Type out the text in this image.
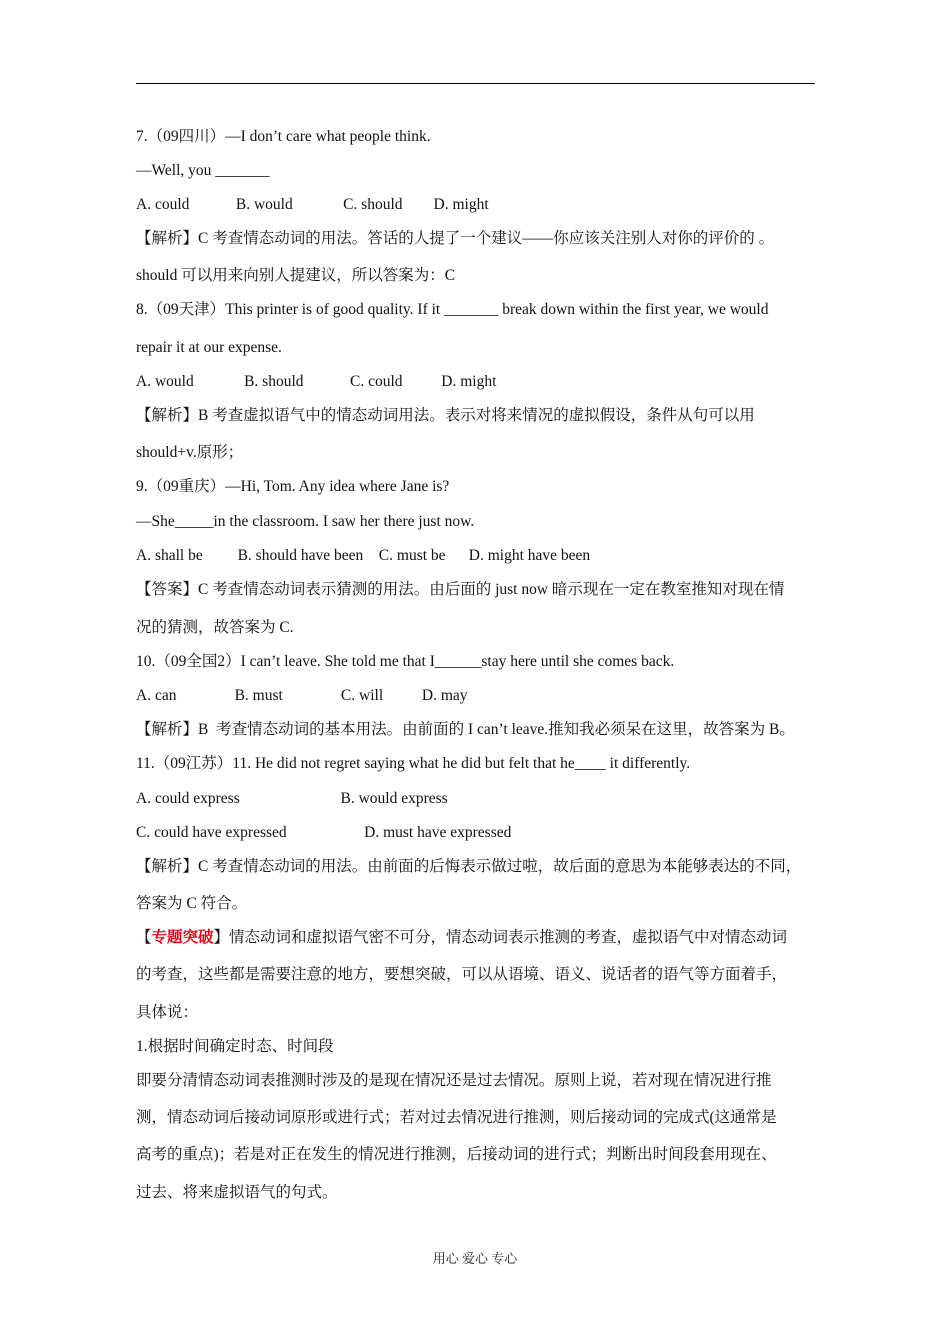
7.（09四川）—I don’t care what people think.

—Well, you _______

A. could            B. would             C. should        D. might

【解析】C 考查情态动词的用法。答话的人提了一个建议——你应该关注别人对你的评价的 。

should 可以用来向别人提建议，所以答案为：C

8.（09天津）This printer is of good quality. If it _______ break down within the first year, we would

repair it at our expense.

A. would             B. should            C. could          D. might

【解析】B 考查虚拟语气中的情态动词用法。表示对将来情况的虚拟假设，条件从句可以用

should+v.原形；

9.（09重庆）—Hi, Tom. Any idea where Jane is?

—She_____in the classroom. I saw her there just now.

A. shall be         B. should have been    C. must be      D. might have been

【答案】C 考查情态动词表示猜测的用法。由后面的 just now 暗示现在一定在教室推知对现在情

况的猜测，故答案为 C.

10.（09全国2）I can’t leave. She told me that I______stay here until she comes back.

A. can               B. must               C. will          D. may

【解析】B  考查情态动词的基本用法。由前面的 I can’t leave.推知我必须呆在这里，故答案为 B。

11.（09江苏）11. He did not regret saying what he did but felt that he____ it differently.

A. could express                          B. would express

C. could have expressed                    D. must have expressed

【解析】C 考查情态动词的用法。由前面的后悔表示做过啦，故后面的意思为本能够表达的不同，

答案为 C 符合。

【专题突破】情态动词和虚拟语气密不可分，情态动词表示推测的考查，虚拟语气中对情态动词

的考查，这些都是需要注意的地方，要想突破，可以从语境、语义、说话者的语气等方面着手，

具体说：

1.根据时间确定时态、时间段

即要分清情态动词表推测时涉及的是现在情况还是过去情况。原则上说，若对现在情况进行推

测，情态动词后接动词原形或进行式；若对过去情况进行推测，则后接动词的完成式(这通常是

高考的重点)；若是对正在发生的情况进行推测，后接动词的进行式；判断出时间段套用现在、

过去、将来虚拟语气的句式。

用心 爱心 专心
